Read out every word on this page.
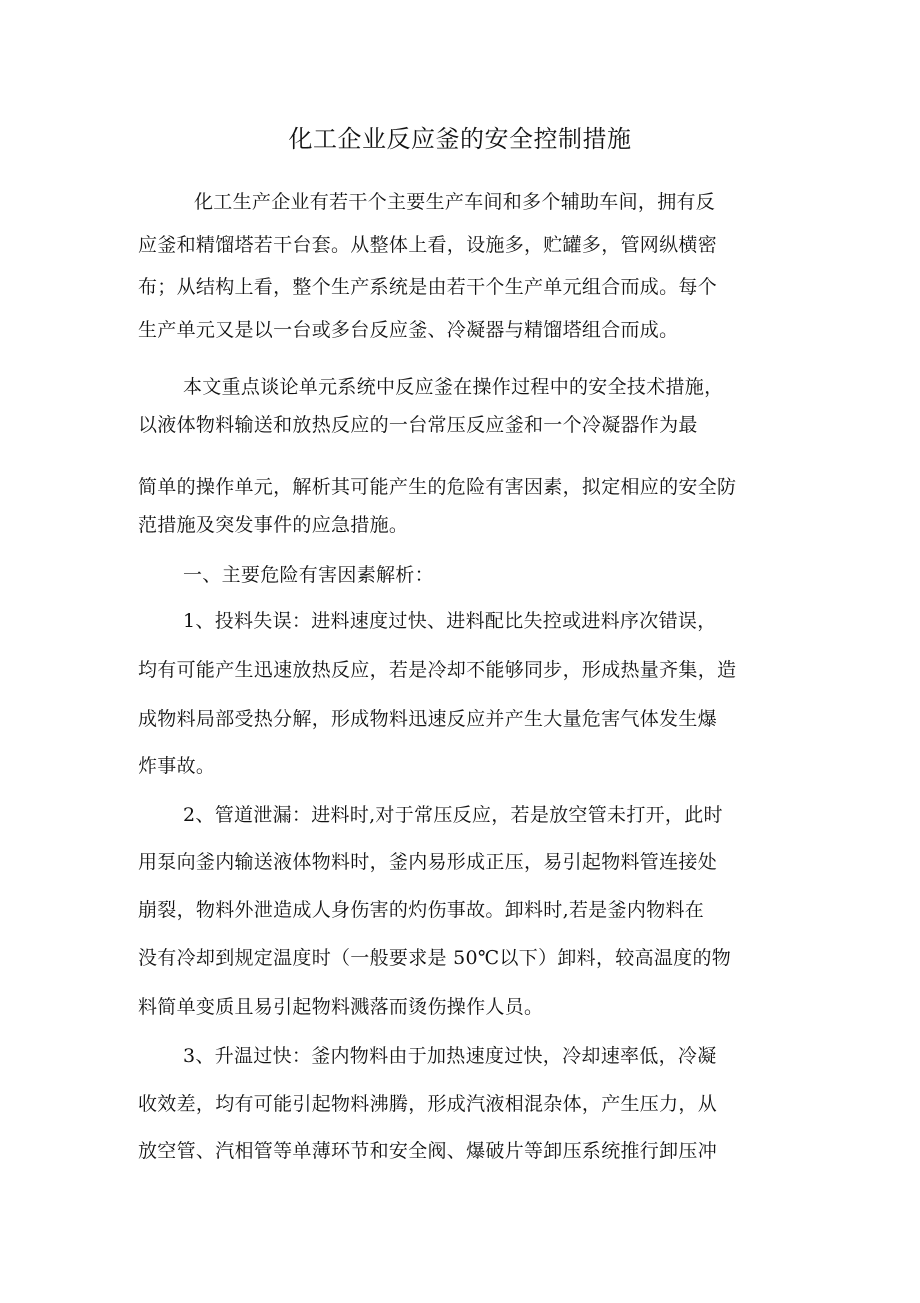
化工企业反应釜的安全控制措施
化工生产企业有若干个主要生产车间和多个辅助车间，拥有反
应釜和精馏塔若干台套。从整体上看，设施多，贮罐多，管网纵横密
布；从结构上看，整个生产系统是由若干个生产单元组合而成。每个
生产单元又是以一台或多台反应釜、冷凝器与精馏塔组合而成。
本文重点谈论单元系统中反应釜在操作过程中的安全技术措施，
以液体物料输送和放热反应的一台常压反应釜和一个冷凝器作为最
简单的操作单元，解析其可能产生的危险有害因素，拟定相应的安全防
范措施及突发事件的应急措施。
一、主要危险有害因素解析：
1、投料失误：进料速度过快、进料配比失控或进料序次错误，
均有可能产生迅速放热反应，若是冷却不能够同步，形成热量齐集，造
成物料局部受热分解，形成物料迅速反应并产生大量危害气体发生爆
炸事故。
2、管道泄漏：进料时,对于常压反应，若是放空管未打开，此时
用泵向釜内输送液体物料时，釜内易形成正压，易引起物料管连接处
崩裂，物料外泄造成人身伤害的灼伤事故。卸料时,若是釜内物料在
没有冷却到规定温度时（一般要求是 50℃以下）卸料，较高温度的物
料简单变质且易引起物料溅落而烫伤操作人员。
3、升温过快：釜内物料由于加热速度过快，冷却速率低，冷凝
收效差，均有可能引起物料沸腾，形成汽液相混杂体，产生压力，从
放空管、汽相管等单薄环节和安全阀、爆破片等卸压系统推行卸压冲
